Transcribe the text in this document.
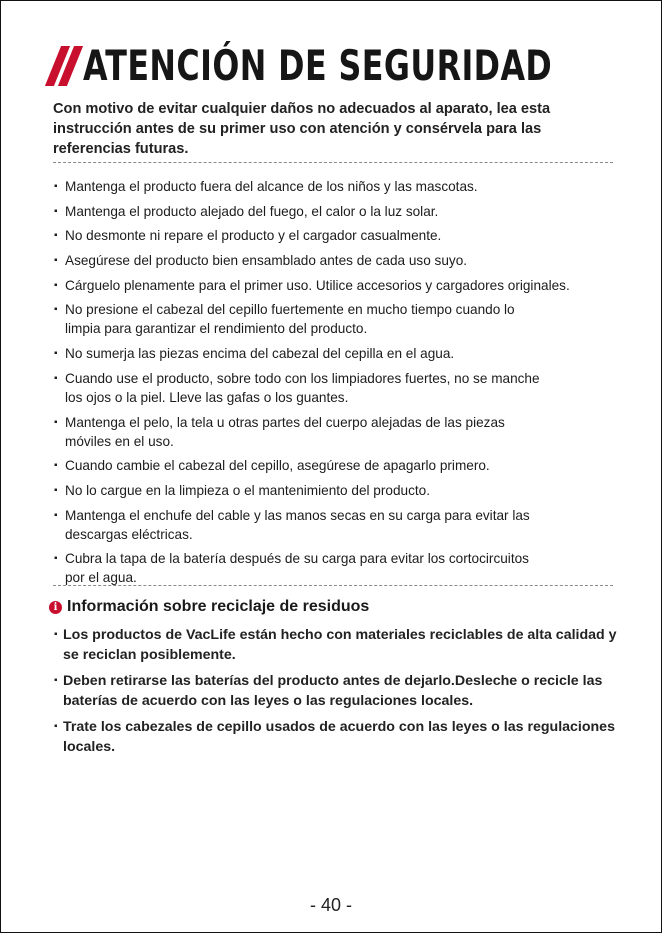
ATENCIÓN DE SEGURIDAD
Con motivo de evitar cualquier daños no adecuados al aparato, lea esta instrucción antes de su primer uso con atención y consérvela para las referencias futuras.
▪ Mantenga el producto fuera del alcance de los niños y las mascotas.
▪ Mantenga el producto alejado del fuego, el calor o la luz solar.
▪ No desmonte ni repare el producto y el cargador casualmente.
▪ Asegúrese del producto bien ensamblado antes de cada uso suyo.
▪ Cárguelo plenamente para el primer uso. Utilice accesorios y cargadores originales.
▪ No presione el cabezal del cepillo fuertemente en mucho tiempo cuando lo
limpia para garantizar el rendimiento del producto.
▪ No sumerja las piezas encima del cabezal del cepilla en el agua.
▪ Cuando use el producto, sobre todo con los limpiadores fuertes, no se manche
los ojos o la piel. Lleve las gafas o los guantes.
▪ Mantenga el pelo, la tela u otras partes del cuerpo alejadas de las piezas
móviles en el uso.
▪ Cuando cambie el cabezal del cepillo, asegúrese de apagarlo primero.
▪ No lo cargue en la limpieza o el mantenimiento del producto.
▪ Mantenga el enchufe del cable y las manos secas en su carga para evitar las
descargas eléctricas.
▪ Cubra la tapa de la batería después de su carga para evitar los cortocircuitos
por el agua.
i Información sobre reciclaje de residuos
▪ Los productos de VacLife están hecho con materiales reciclables de alta calidad y se reciclan posiblemente.
▪ Deben retirarse las baterías del producto antes de dejarlo.Desleche o recicle las baterías de acuerdo con las leyes o las regulaciones locales.
▪ Trate los cabezales de cepillo usados de acuerdo con las leyes o las regulaciones locales.
- 40 -
